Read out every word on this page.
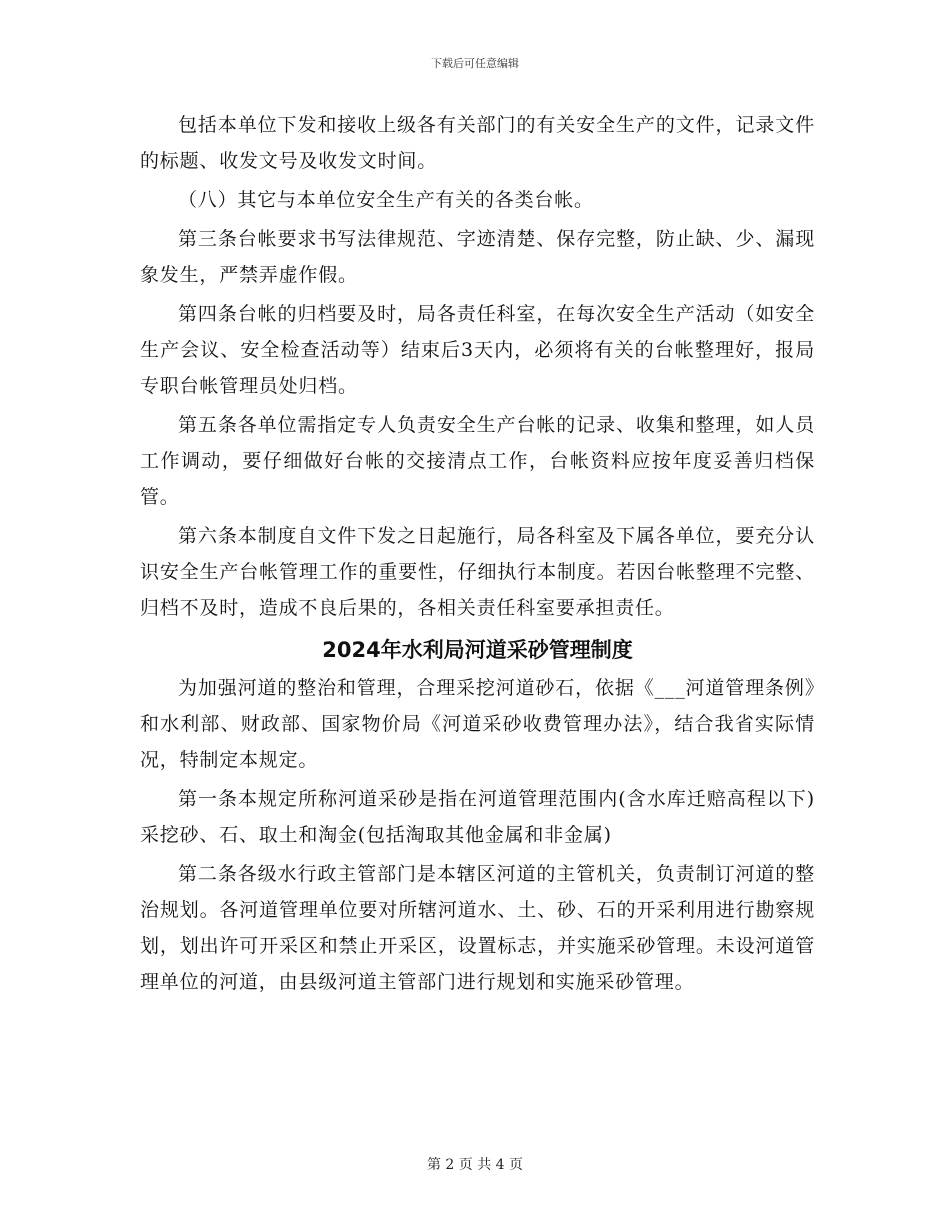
下载后可任意编辑

包括本单位下发和接收上级各有关部门的有关安全生产的文件，记录文件的标题、收发文号及收发文时间。

（八）其它与本单位安全生产有关的各类台帐。

第三条台帐要求书写法律规范、字迹清楚、保存完整，防止缺、少、漏现象发生，严禁弄虚作假。

第四条台帐的归档要及时，局各责任科室，在每次安全生产活动（如安全生产会议、安全检查活动等）结束后3天内，必须将有关的台帐整理好，报局专职台帐管理员处归档。

第五条各单位需指定专人负责安全生产台帐的记录、收集和整理，如人员工作调动，要仔细做好台帐的交接清点工作，台帐资料应按年度妥善归档保管。

第六条本制度自文件下发之日起施行，局各科室及下属各单位，要充分认识安全生产台帐管理工作的重要性，仔细执行本制度。若因台帐整理不完整、归档不及时，造成不良后果的，各相关责任科室要承担责任。

2024年水利局河道采砂管理制度

为加强河道的整治和管理，合理采挖河道砂石，依据《___河道管理条例》和水利部、财政部、国家物价局《河道采砂收费管理办法》，结合我省实际情况，特制定本规定。

第一条本规定所称河道采砂是指在河道管理范围内(含水库迁赔高程以下)采挖砂、石、取土和淘金(包括淘取其他金属和非金属)

第二条各级水行政主管部门是本辖区河道的主管机关，负责制订河道的整治规划。各河道管理单位要对所辖河道水、土、砂、石的开采利用进行勘察规划，划出许可开采区和禁止开采区，设置标志，并实施采砂管理。未设河道管理单位的河道，由县级河道主管部门进行规划和实施采砂管理。

第 2 页 共 4 页
